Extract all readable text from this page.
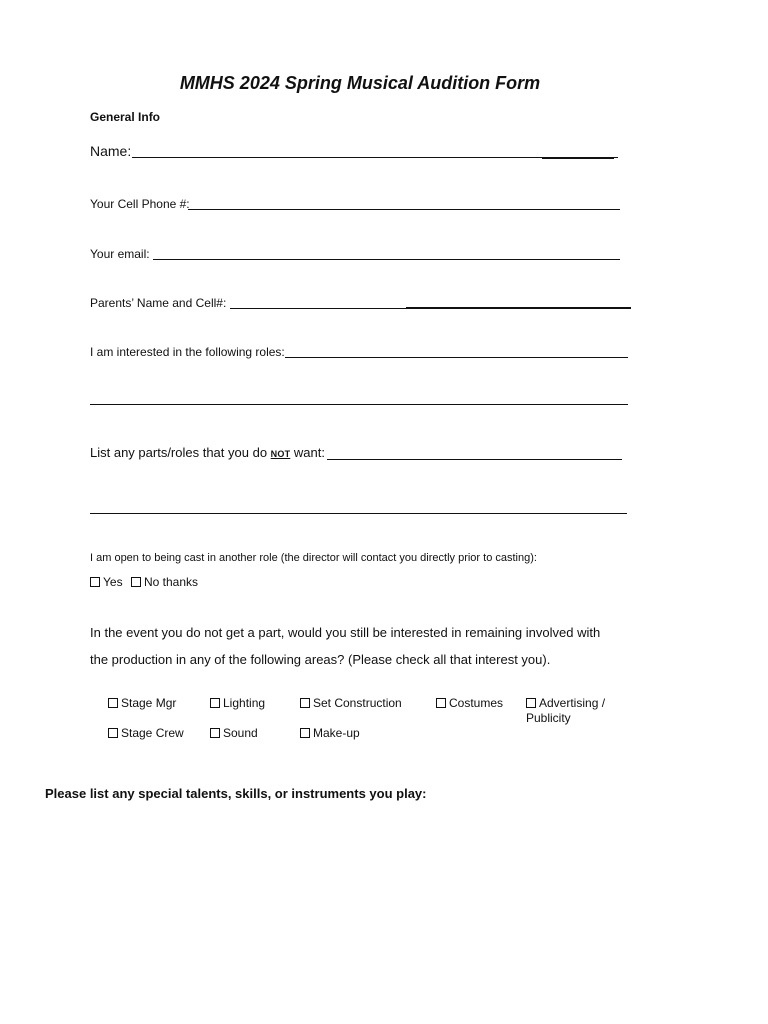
MMHS 2024 Spring Musical Audition Form
General Info
Name:
Your Cell Phone #:
Your email:
Parents’ Name and Cell#:
I am interested in the following roles:
List any parts/roles that you do NOT want:
I am open to being cast in another role (the director will contact you directly prior to casting):
Yes	No thanks
In the event you do not get a part, would you still be interested in remaining involved with
the production in any of the following areas? (Please check all that interest you).
Stage Mgr	Lighting	Set Construction	Costumes	Advertising /
Publicity
Stage Crew	Sound	Make-up
Please list any special talents, skills, or instruments you play:
